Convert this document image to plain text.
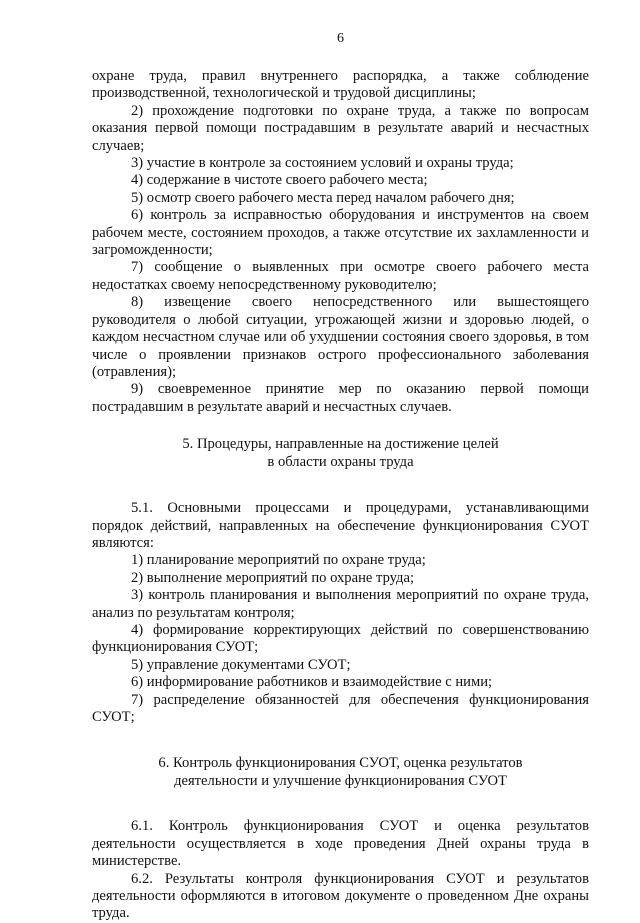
6

охране труда, правил внутреннего распорядка, а также соблюдение производственной, технологической и трудовой дисциплины;

2) прохождение подготовки по охране труда, а также по вопросам оказания первой помощи пострадавшим в результате аварий и несчастных случаев;

3) участие в контроле за состоянием условий и охраны труда;

4) содержание в чистоте своего рабочего места;

5) осмотр своего рабочего места перед началом рабочего дня;

6) контроль за исправностью оборудования и инструментов на своем рабочем месте, состоянием проходов, а также отсутствие их захламленности и загроможденности;

7) сообщение о выявленных при осмотре своего рабочего места недостатках своему непосредственному руководителю;

8) извещение своего непосредственного или вышестоящего руководителя о любой ситуации, угрожающей жизни и здоровью людей, о каждом несчастном случае или об ухудшении состояния своего здоровья, в том числе о проявлении признаков острого профессионального заболевания (отравления);

9) своевременное принятие мер по оказанию первой помощи пострадавшим в результате аварий и несчастных случаев.

5. Процедуры, направленные на достижение целей
в области охраны труда

5.1. Основными процессами и процедурами, устанавливающими порядок действий, направленных на обеспечение функционирования СУОТ являются:

1) планирование мероприятий по охране труда;

2) выполнение мероприятий по охране труда;

3) контроль планирования и выполнения мероприятий по охране труда, анализ по результатам контроля;

4) формирование корректирующих действий по совершенствованию функционирования СУОТ;

5) управление документами СУОТ;

6) информирование работников и взаимодействие с ними;

7) распределение обязанностей для обеспечения функционирования СУОТ;

6. Контроль функционирования СУОТ, оценка результатов
деятельности и улучшение функционирования СУОТ

6.1. Контроль функционирования СУОТ и оценка результатов деятельности осуществляется в ходе проведения Дней охраны труда в министерстве.

6.2. Результаты контроля функционирования СУОТ и результатов деятельности оформляются в итоговом документе о проведенном Дне охраны труда.
